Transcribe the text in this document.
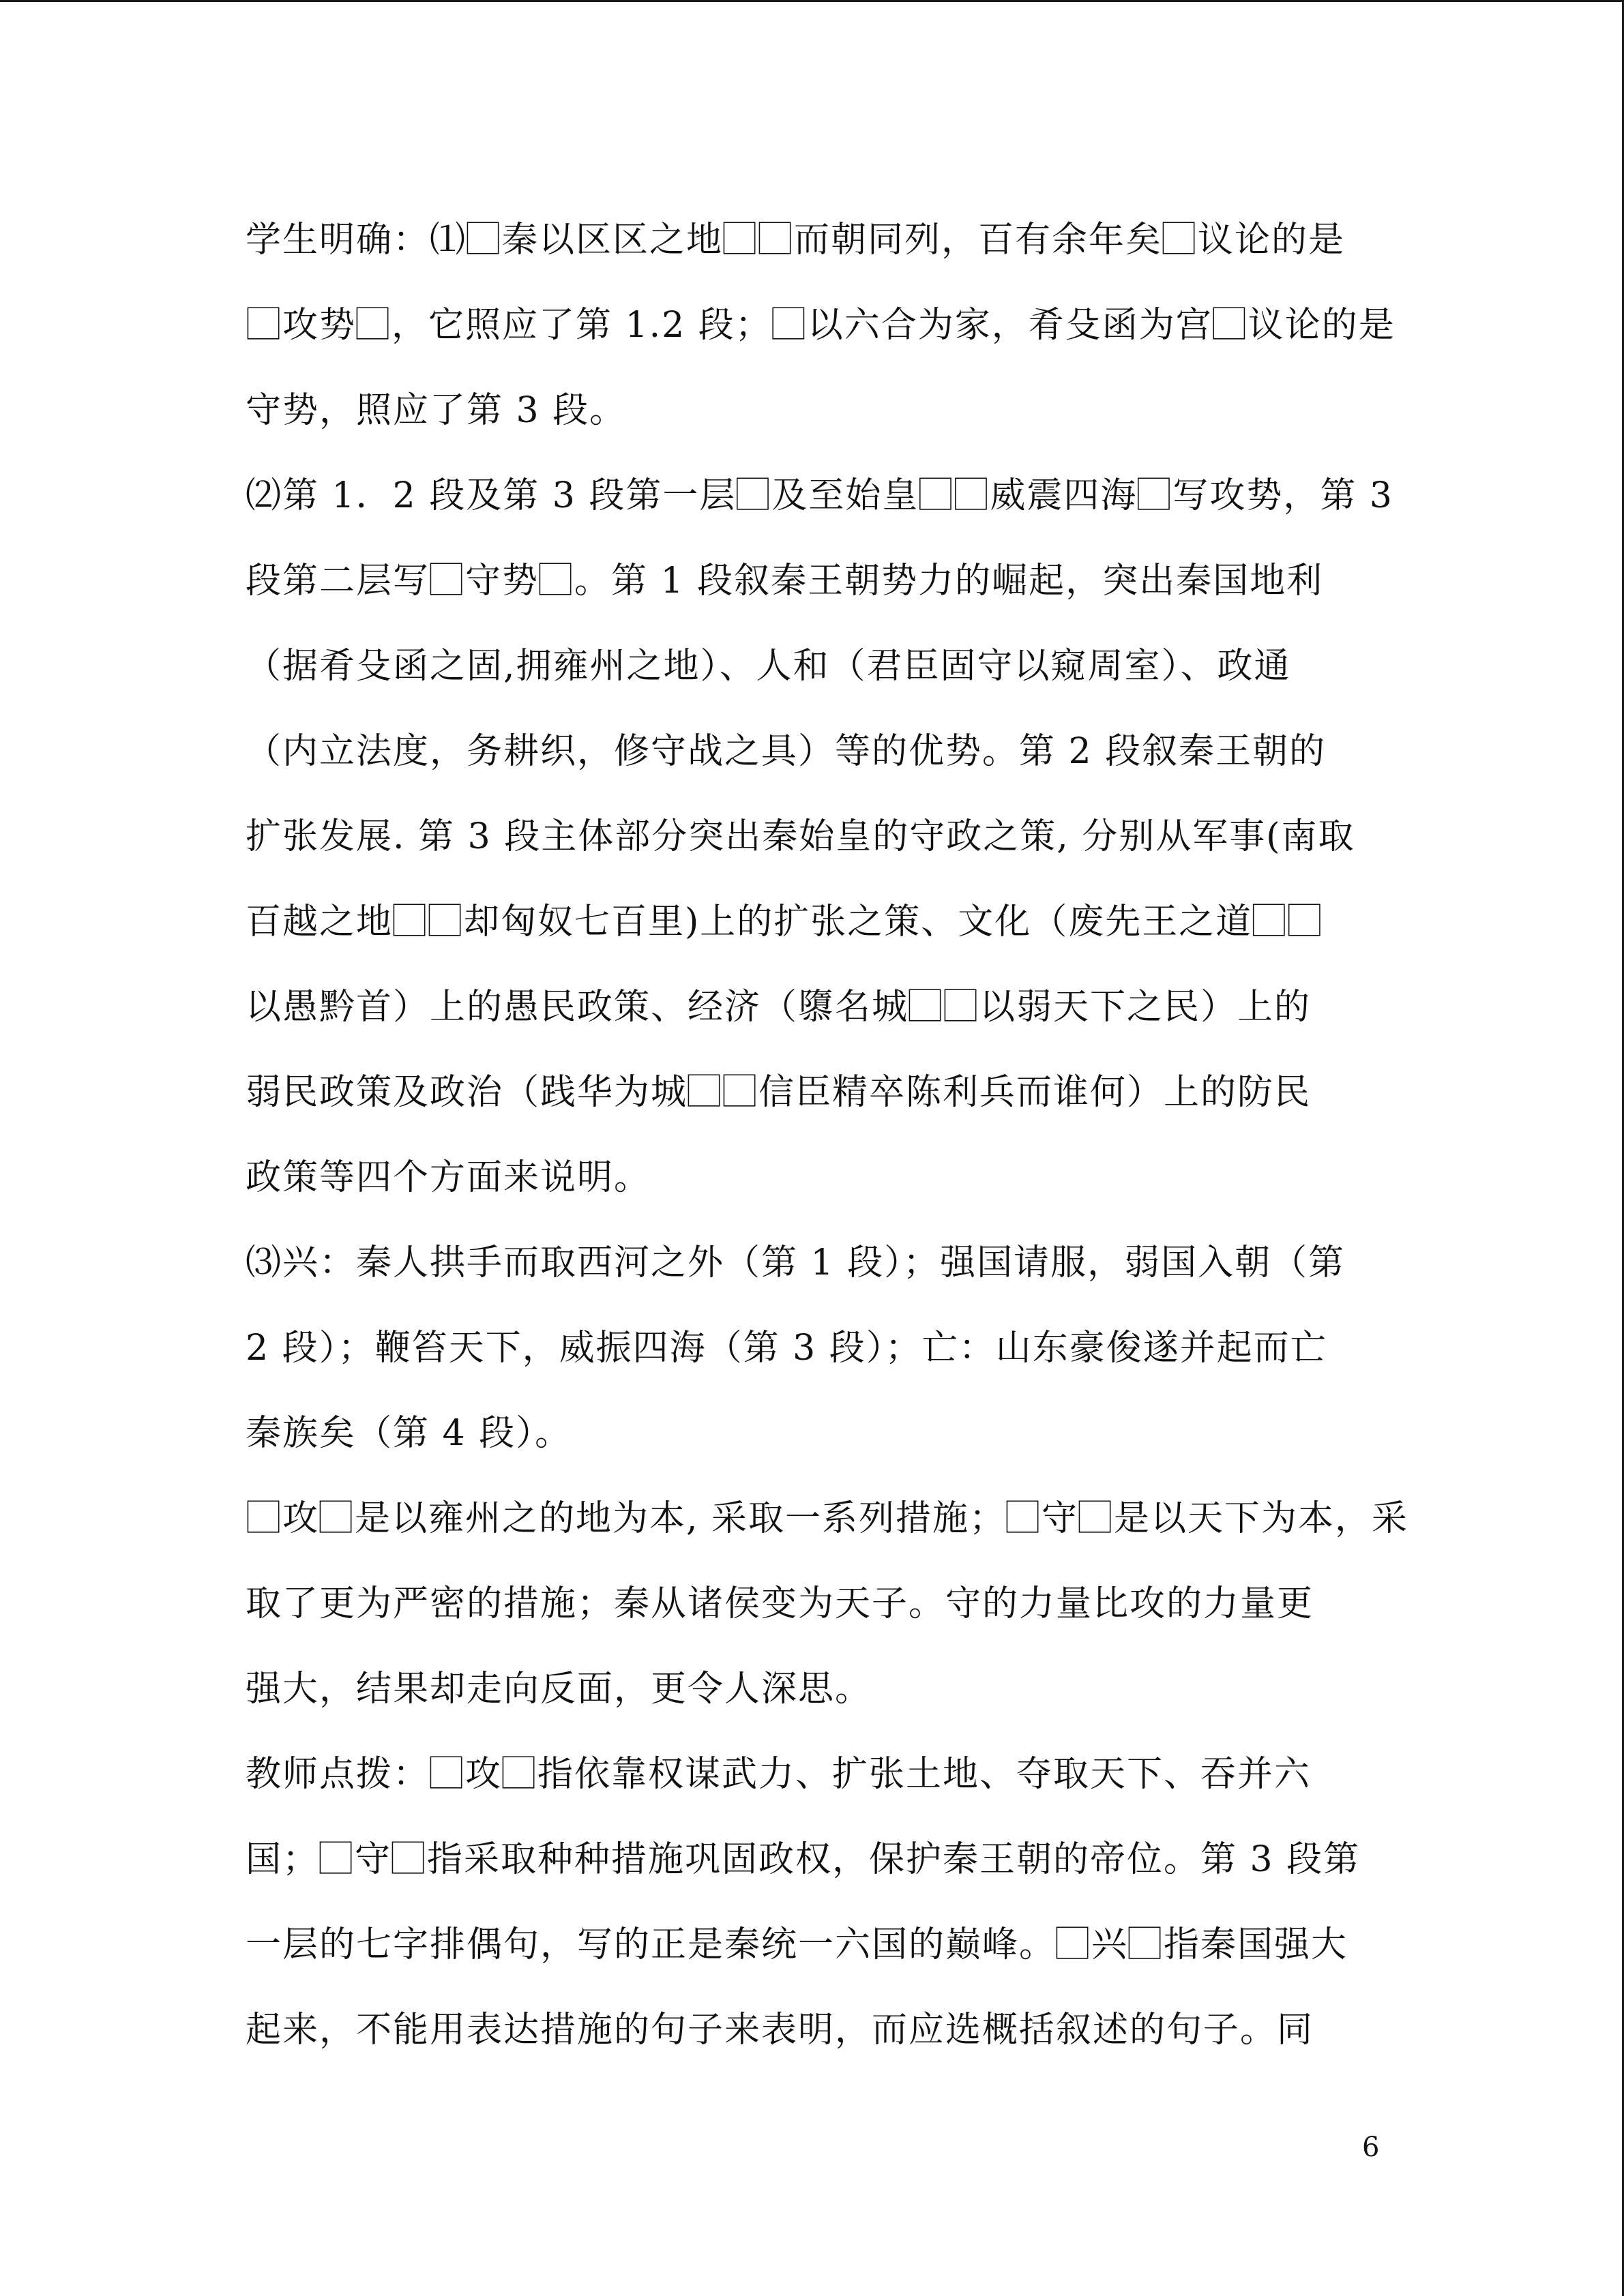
学生明确：⑴⃞秦以区区之地⃞⃞而朝同列，百有余年矣⃞议论的是
⃞攻势⃞，它照应了第 1.2 段；⃞以六合为家，肴殳函为宫⃞议论的是
守势，照应了第 3 段。
⑵第 1．2 段及第 3 段第一层⃞及至始皇⃞⃞威震四海⃞写攻势，第 3
段第二层写⃞守势⃞。第 1 段叙秦王朝势力的崛起，突出秦国地利
（据肴殳函之固,拥雍州之地）、人和（君臣固守以窥周室）、政通
（内立法度，务耕织，修守战之具）等的优势。第 2 段叙秦王朝的
扩张发展. 第 3 段主体部分突出秦始皇的守政之策, 分别从军事(南取
百越之地⃞⃞却匈奴七百里)上的扩张之策、文化（废先王之道⃞⃞
以愚黔首）上的愚民政策、经济（隳名城⃞⃞以弱天下之民）上的
弱民政策及政治（践华为城⃞⃞信臣精卒陈利兵而谁何）上的防民
政策等四个方面来说明。
⑶兴：秦人拱手而取西河之外（第 1 段）；强国请服，弱国入朝（第
2 段）；鞭笞天下，威振四海（第 3 段）；亡：山东豪俊遂并起而亡
秦族矣（第 4 段）。
⃞攻⃞是以雍州之的地为本, 采取一系列措施；⃞守⃞是以天下为本，采
取了更为严密的措施；秦从诸侯变为天子。守的力量比攻的力量更
强大，结果却走向反面，更令人深思。
教师点拨：⃞攻⃞指依靠权谋武力、扩张土地、夺取天下、吞并六
国；⃞守⃞指采取种种措施巩固政权，保护秦王朝的帝位。第 3 段第
一层的七字排偶句，写的正是秦统一六国的巅峰。⃞兴⃞指秦国强大
起来，不能用表达措施的句子来表明，而应选概括叙述的句子。同
6
